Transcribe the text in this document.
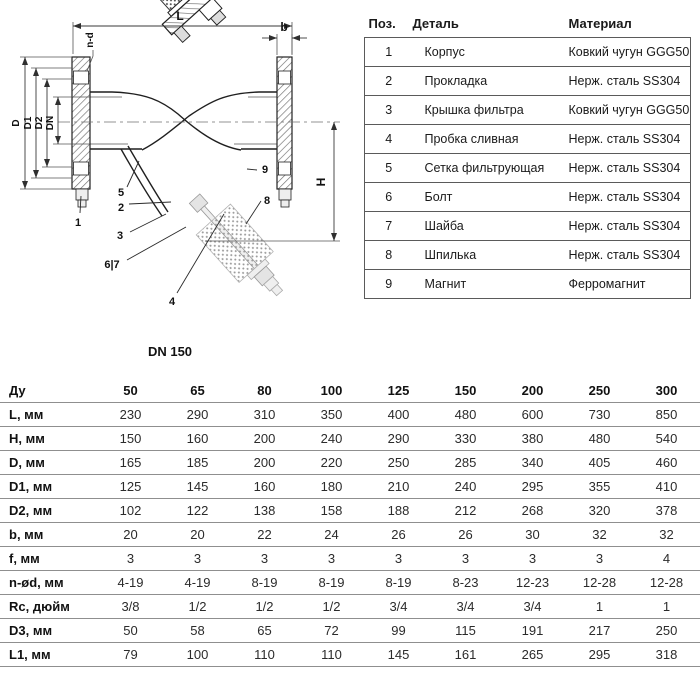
L
b
n-d
D D1 D2 DN
H
1
5
2
3
6|7
4
9
8
DN 150
Поз.	Деталь	Материал
1	Корпус	Ковкий чугун GGG50
2	Прокладка	Нерж. сталь SS304
3	Крышка фильтра	Ковкий чугун GGG50
4	Пробка сливная	Нерж. сталь SS304
5	Сетка фильтрующая	Нерж. сталь SS304
6	Болт	Нерж. сталь SS304
7	Шайба	Нерж. сталь SS304
8	Шпилька	Нерж. сталь SS304
9	Магнит	Ферромагнит
Ду	50	65	80	100	125	150	200	250	300
L, мм	230	290	310	350	400	480	600	730	850
H, мм	150	160	200	240	290	330	380	480	540
D, мм	165	185	200	220	250	285	340	405	460
D1, мм	125	145	160	180	210	240	295	355	410
D2, мм	102	122	138	158	188	212	268	320	378
b, мм	20	20	22	24	26	26	30	32	32
f, мм	3	3	3	3	3	3	3	3	4
n-ød, мм	4-19	4-19	8-19	8-19	8-19	8-23	12-23	12-28	12-28
Rc, дюйм	3/8	1/2	1/2	1/2	3/4	3/4	3/4	1	1
D3, мм	50	58	65	72	99	115	191	217	250
L1, мм	79	100	110	110	145	161	265	295	318
